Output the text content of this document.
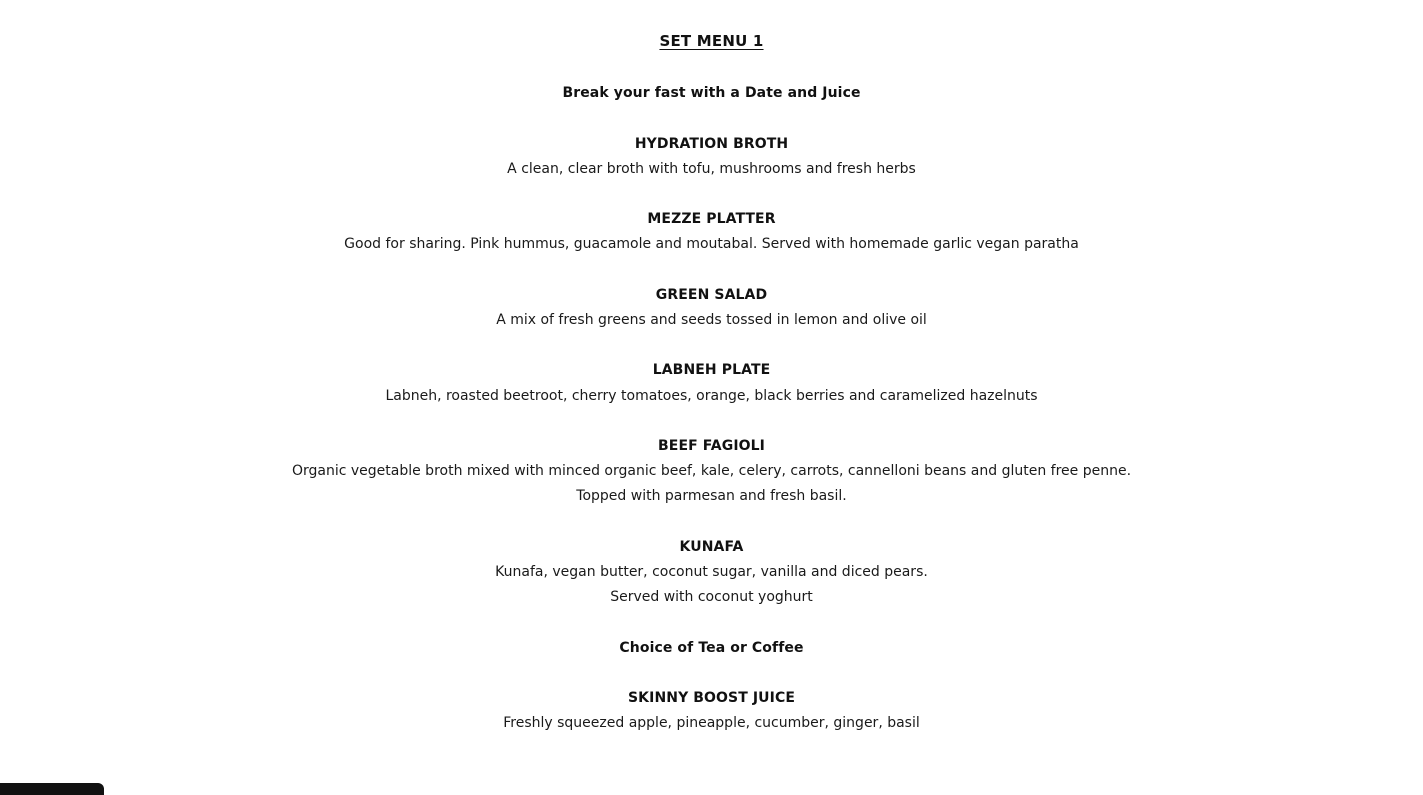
SET MENU 1
Break your fast with a Date and Juice
HYDRATION BROTH
A clean, clear broth with tofu, mushrooms and fresh herbs
MEZZE PLATTER
Good for sharing. Pink hummus, guacamole and moutabal. Served with homemade garlic vegan paratha
GREEN SALAD
A mix of fresh greens and seeds tossed in lemon and olive oil
LABNEH PLATE
Labneh, roasted beetroot, cherry tomatoes, orange, black berries and caramelized hazelnuts
BEEF FAGIOLI
Organic vegetable broth mixed with minced organic beef, kale, celery, carrots, cannelloni beans and gluten free penne.
Topped with parmesan and fresh basil.
KUNAFA
Kunafa, vegan butter, coconut sugar, vanilla and diced pears.
Served with coconut yoghurt
Choice of Tea or Coffee
SKINNY BOOST JUICE
Freshly squeezed apple, pineapple, cucumber, ginger, basil
